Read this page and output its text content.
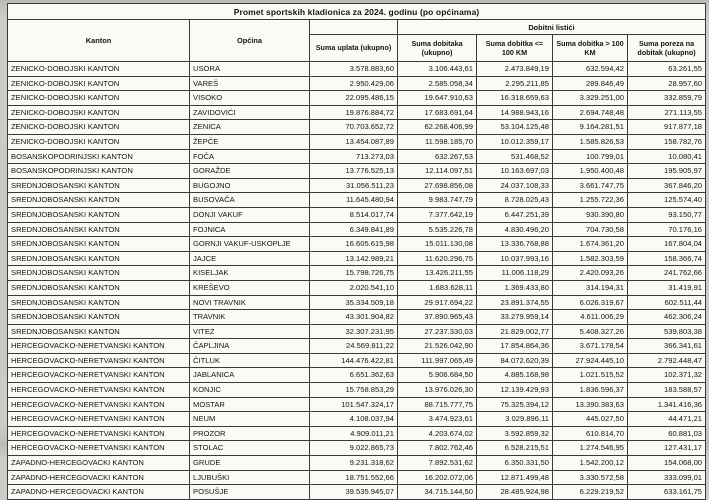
Promet sportskih kladionica za 2024. godinu (po općinama)						
Kanton	Općina		Dobitni listići			
		Suma uplata (ukupno)	Suma dobitaka (ukupno)	Suma dobitka <= 100 KM	Suma dobitka > 100 KM	Suma poreza na dobitak (ukupno)
ZENICKO-DOBOJSKI KANTON	USORA	3.578.883,60	3.106.443,61	2.473.849,19	632.594,42	63.261,55
ZENICKO-DOBOJSKI KANTON	VAREŠ	2.950.429,06	2.585.058,34	2.295.211,85	289.846,49	28.957,60
ZENICKO-DOBOJSKI KANTON	VISOKO	22.095.486,15	19.647.910,63	16.318.659,63	3.329.251,00	332.859,79
ZENICKO-DOBOJSKI KANTON	ZAVIDOVIĆI	19.876.884,72	17.683.691,64	14.988.943,16	2.694.748,48	271.113,55
ZENICKO-DOBOJSKI KANTON	ZENICA	70.703.652,72	62.268.406,99	53.104.125,48	9.164.281,51	917.877,18
ZENICKO-DOBOJSKI KANTON	ŽEPČE	13.454.087,89	11.598.185,70	10.012.359,17	1.585.826,53	158.782,76
BOSANSKOPODRINJSKI KANTON	FOČA	713.273,03	632.267,53	531.468,52	100.799,01	10.080,41
BOSANSKOPODRINJSKI KANTON	GORAŽDE	13.776.525,13	12.114.097,51	10.163.697,03	1.950.400,48	195.905,97
SREDNJOBOSANSKI KANTON	BUGOJNO	31.056.511,23	27.698.856,08	24.037.108,33	3.661.747,75	367.846,20
SREDNJOBOSANSKI KANTON	BUSOVAČA	11.645.480,94	9.983.747,79	8.728.025,43	1.255.722,36	125.574,40
SREDNJOBOSANSKI KANTON	DONJI VAKUF	8.514.017,74	7.377.642,19	6.447.251,39	930.390,80	93.150,77
SREDNJOBOSANSKI KANTON	FOJNICA	6.349.841,89	5.535.226,78	4.830.496,20	704.730,58	70.176,16
SREDNJOBOSANSKI KANTON	GORNJI VAKUF-USKOPLJE	16.605.615,98	15.011.130,08	13.336.768,88	1.674.361,20	167.804,04
SREDNJOBOSANSKI KANTON	JAJCE	13.142.989,21	11.620.296,75	10.037.993,16	1.582.303,59	158.366,74
SREDNJOBOSANSKI KANTON	KISELJAK	15.798.726,75	13.426.211,55	11.006.118,29	2.420.093,26	241.762,66
SREDNJOBOSANSKI KANTON	KREŠEVO	2.020.541,10	1.683.628,11	1.369.433,80	314.194,31	31.419,91
SREDNJOBOSANSKI KANTON	NOVI TRAVNIK	35.334.509,18	29.917.694,22	23.891.374,55	6.026.319,67	602.511,44
SREDNJOBOSANSKI KANTON	TRAVNIK	43.301.904,82	37.890.965,43	33.279.959,14	4.611.006,29	462.306,24
SREDNJOBOSANSKI KANTON	VITEZ	32.307.231,95	27.237.330,03	21.829.002,77	5.408.327,26	539.803,38
HERCEGOVACKO-NERETVANSKI KANTON	ČAPLJINA	24.569.811,22	21.526.042,90	17.854.864,36	3.671.178,54	366.341,61
HERCEGOVACKO-NERETVANSKI KANTON	ČITLUK	144.476.422,81	111.997.065,49	84.072.620,39	27.924.445,10	2.792.448,47
HERCEGOVACKO-NERETVANSKI KANTON	JABLANICA	6.651.362,63	5.906.684,50	4.885.168,98	1.021.515,52	102.371,32
HERCEGOVACKO-NERETVANSKI KANTON	KONJIC	15.758.853,29	13.976.026,30	12.139.429,93	1.836.596,37	183.588,57
HERCEGOVACKO-NERETVANSKI KANTON	MOSTAR	101.547.324,17	88.715.777,75	75.325.394,12	13.390.383,63	1.341.416,36
HERCEGOVACKO-NERETVANSKI KANTON	NEUM	4.108.037,94	3.474.923,61	3.029.896,11	445.027,50	44.471,21
HERCEGOVACKO-NERETVANSKI KANTON	PROZOR	4.909.011,21	4.203.674,02	3.592.859,32	610.814,70	60.881,03
HERCEGOVACKO-NERETVANSKI KANTON	STOLAC	9.022.865,73	7.802.762,46	6.528.215,51	1.274.546,95	127.431,17
ZAPADNO-HERCEGOVACKI KANTON	GRUDE	9.231.318,62	7.892.531,62	6.350.331,50	1.542.200,12	154.068,00
ZAPADNO-HERCEGOVACKI KANTON	LJUBUŠKI	18.751.552,66	16.202.072,06	12.871.499,48	3.330.572,58	333.099,01
ZAPADNO-HERCEGOVACKI KANTON	POSUŠJE	39.535.945,07	34.715.144,50	28.485.924,98	6.229.219,52	633.161,75
